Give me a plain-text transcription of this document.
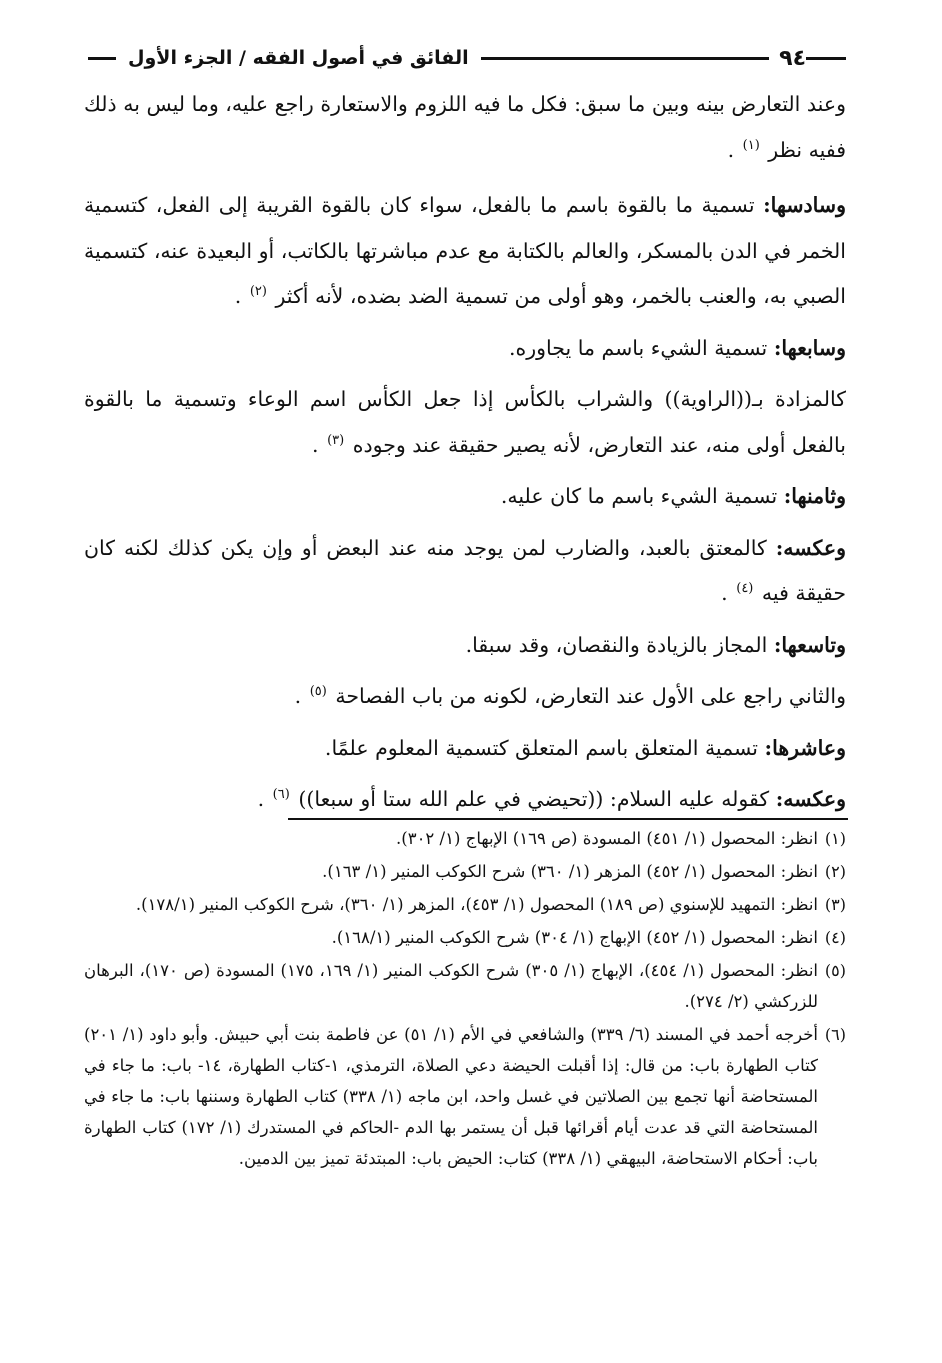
٩٤
الفائق في أصول الفقه / الجزء الأول

وعند التعارض بينه وبين ما سبق: فكل ما فيه اللزوم والاستعارة راجع عليه، وما ليس به ذلك ففيه نظر $^{(١)}$ .

وسادسها: تسمية ما بالقوة باسم ما بالفعل، سواء كان بالقوة القريبة إلى الفعل، كتسمية الخمر في الدن بالمسكر، والعالم بالكتابة مع عدم مباشرتها بالكاتب، أو البعيدة عنه، كتسمية الصبي به، والعنب بالخمر، وهو أولى من تسمية الضد بضده، لأنه أكثر $^{(٢)}$ .

وسابعها: تسمية الشيء باسم ما يجاوره.

كالمزادة بـ((الراوية)) والشراب بالكأس إذا جعل الكأس اسم الوعاء وتسمية ما بالقوة بالفعل أولى منه، عند التعارض، لأنه يصير حقيقة عند وجوده $^{(٣)}$ .

وثامنها: تسمية الشيء باسم ما كان عليه.

وعكسه: كالمعتق بالعبد، والضارب لمن يوجد منه عند البعض أو وإن يكن كذلك لكنه كان حقيقة فيه $^{(٤)}$ .

وتاسعها: المجاز بالزيادة والنقصان، وقد سبقا.

والثاني راجع على الأول عند التعارض، لكونه من باب الفصاحة $^{(٥)}$ .

وعاشرها: تسمية المتعلق باسم المتعلق كتسمية المعلوم علمًا.

وعكسه: كقوله عليه السلام: ((تحيضي في علم الله ستا أو سبعا)) $^{(٦)}$ .

(١)
انظر: المحصول (١/ ٤٥١) المسودة (ص ١٦٩) الإبهاج (١/ ٣٠٢).
(٢)
انظر: المحصول (١/ ٤٥٢) المزهر (١/ ٣٦٠) شرح الكوكب المنير (١/ ١٦٣).
(٣)
انظر: التمهيد للإسنوي (ص ١٨٩) المحصول (١/ ٤٥٣)، المزهر (١/ ٣٦٠)، شرح الكوكب المنير (١٧٨/١).
(٤)
انظر: المحصول (١/ ٤٥٢) الإبهاج (١/ ٣٠٤) شرح الكوكب المنير (١٦٨/١).
(٥)
انظر: المحصول (١/ ٤٥٤)، الإبهاج (١/ ٣٠٥) شرح الكوكب المنير (١/ ١٦٩، ١٧٥) المسودة (ص ١٧٠)، البرهان للزركشي (٢/ ٢٧٤).
(٦)
أخرجه أحمد في المسند (٦/ ٣٣٩) والشافعي في الأم (١/ ٥١) عن فاطمة بنت أبي حبيش. وأبو داود (١/ ٢٠١) كتاب الطهارة باب: من قال: إذا أقبلت الحيضة دعي الصلاة، الترمذي، ١-كتاب الطهارة، ١٤- باب: ما جاء في المستحاضة أنها تجمع بين الصلاتين في غسل واحد، ابن ماجه (١/ ٣٣٨) كتاب الطهارة وسننها باب: ما جاء في المستحاضة التي قد عدت أيام أقرائها قبل أن يستمر بها الدم -الحاكم في المستدرك (١/ ١٧٢) كتاب الطهارة باب: أحكام الاستحاضة، البيهقي (١/ ٣٣٨) كتاب: الحيض باب: المبتدئة تميز بين الدمين.
